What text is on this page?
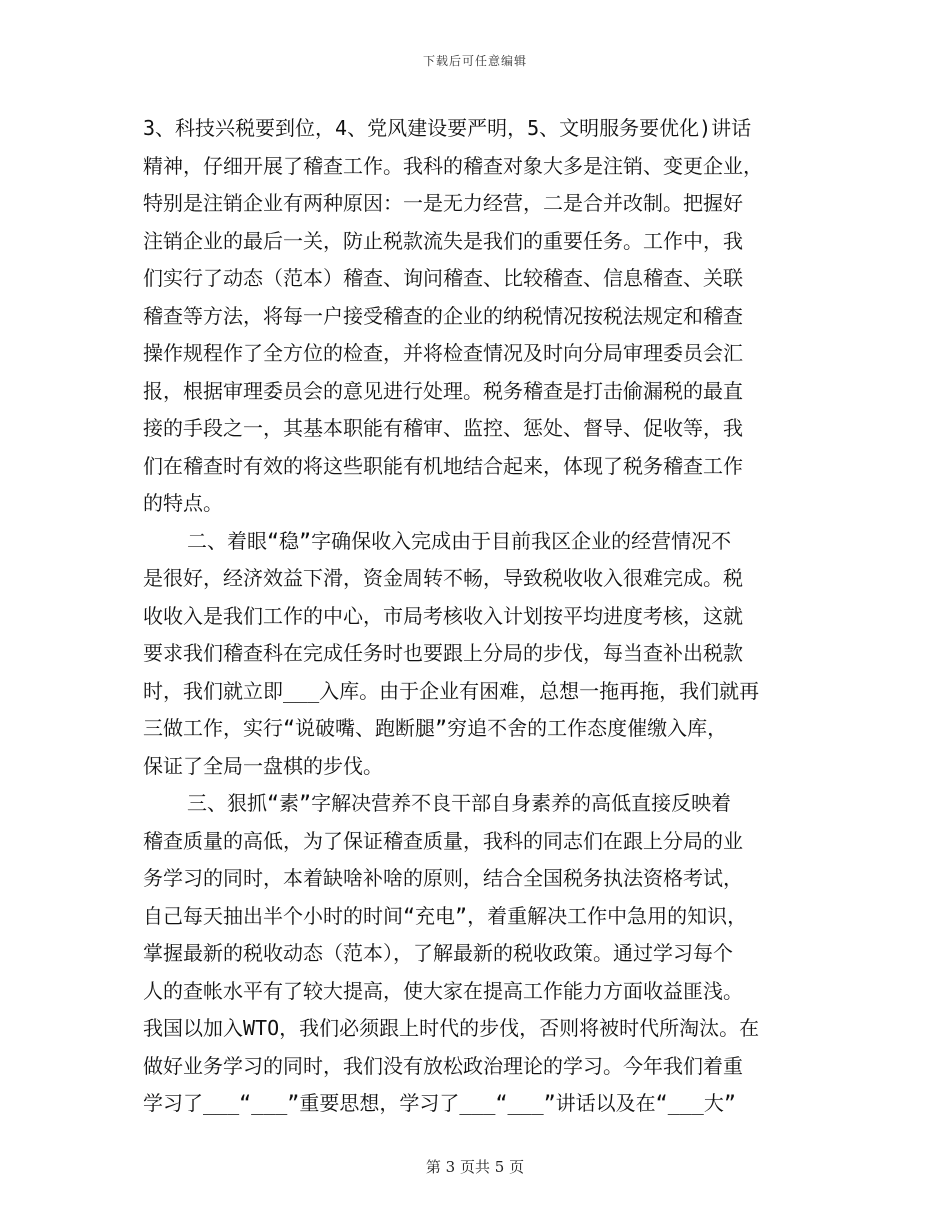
下载后可任意编辑
3、科技兴税要到位，4、党风建设要严明，5、文明服务要优化)讲话
精神，仔细开展了稽查工作。我科的稽查对象大多是注销、变更企业，
特别是注销企业有两种原因：一是无力经营，二是合并改制。把握好
注销企业的最后一关，防止税款流失是我们的重要任务。工作中，我
们实行了动态（范本）稽查、询问稽查、比较稽查、信息稽查、关联
稽查等方法，将每一户接受稽查的企业的纳税情况按税法规定和稽查
操作规程作了全方位的检查，并将检查情况及时向分局审理委员会汇
报，根据审理委员会的意见进行处理。税务稽查是打击偷漏税的最直
接的手段之一，其基本职能有稽审、监控、惩处、督导、促收等，我
们在稽查时有效的将这些职能有机地结合起来，体现了税务稽查工作
的特点。
二、着眼“稳”字确保收入完成由于目前我区企业的经营情况不
是很好，经济效益下滑，资金周转不畅，导致税收收入很难完成。税
收收入是我们工作的中心，市局考核收入计划按平均进度考核，这就
要求我们稽查科在完成任务时也要跟上分局的步伐，每当查补出税款
时，我们就立即___入库。由于企业有困难，总想一拖再拖，我们就再
三做工作，实行“说破嘴、跑断腿”穷追不舍的工作态度催缴入库，
保证了全局一盘棋的步伐。
三、狠抓“素”字解决营养不良干部自身素养的高低直接反映着
稽查质量的高低，为了保证稽查质量，我科的同志们在跟上分局的业
务学习的同时，本着缺啥补啥的原则，结合全国税务执法资格考试，
自己每天抽出半个小时的时间“充电”，着重解决工作中急用的知识，
掌握最新的税收动态（范本），了解最新的税收政策。通过学习每个
人的查帐水平有了较大提高，使大家在提高工作能力方面收益匪浅。
我国以加入WTO，我们必须跟上时代的步伐，否则将被时代所淘汰。在
做好业务学习的同时，我们没有放松政治理论的学习。今年我们着重
学习了___“___”重要思想，学习了___“___”讲话以及在“___大”
第 3 页共 5 页
